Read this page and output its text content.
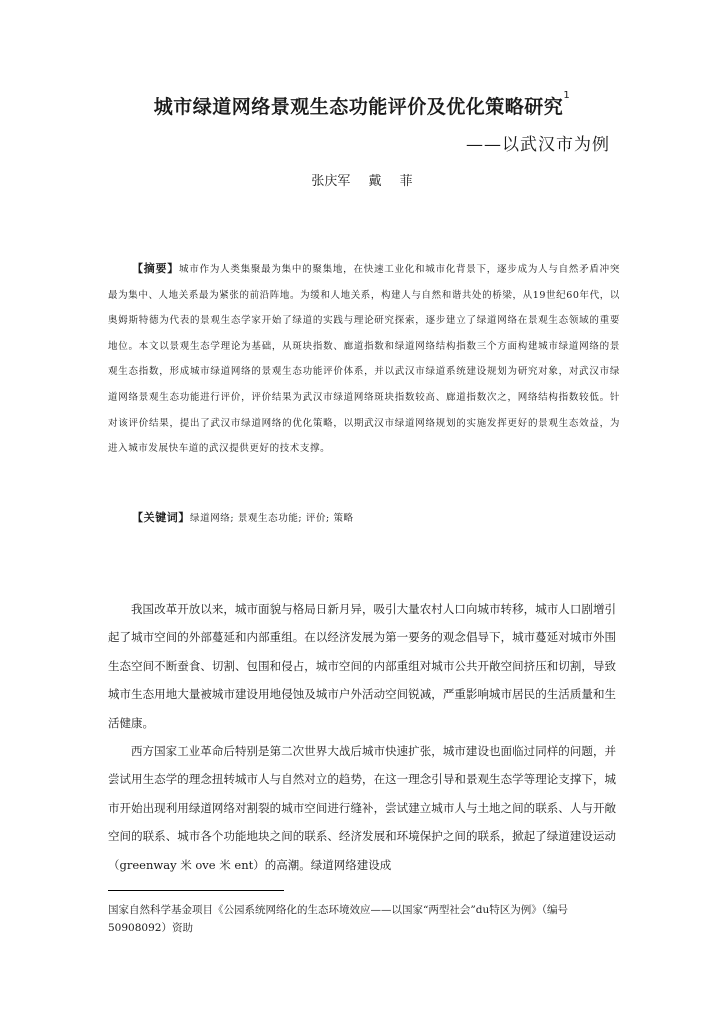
城市绿道网络景观生态功能评价及优化策略研究$^1$
——以武汉市为例
张庆军 戴 菲
【摘要】城市作为人类集聚最为集中的聚集地，在快速工业化和城市化背景下，逐步成为人与自然矛盾冲突最为集中、人地关系最为紧张的前沿阵地。为缓和人地关系，构建人与自然和谐共处的桥梁，从19世纪60年代，以奥姆斯特德为代表的景观生态学家开始了绿道的实践与理论研究探索，逐步建立了绿道网络在景观生态领域的重要地位。本文以景观生态学理论为基础，从斑块指数、廊道指数和绿道网络结构指数三个方面构建城市绿道网络的景观生态指数，形成城市绿道网络的景观生态功能评价体系，并以武汉市绿道系统建设规划为研究对象，对武汉市绿道网络景观生态功能进行评价，评价结果为武汉市绿道网络斑块指数较高、廊道指数次之，网络结构指数较低。针对该评价结果，提出了武汉市绿道网络的优化策略，以期武汉市绿道网络规划的实施发挥更好的景观生态效益，为进入城市发展快车道的武汉提供更好的技术支撑。
【关键词】绿道网络; 景观生态功能; 评价; 策略

我国改革开放以来，城市面貌与格局日新月异，吸引大量农村人口向城市转移，城市人口剧增引起了城市空间的外部蔓延和内部重组。在以经济发展为第一要务的观念倡导下，城市蔓延对城市外围生态空间不断蚕食、切割、包围和侵占，城市空间的内部重组对城市公共开敞空间挤压和切割，导致城市生态用地大量被城市建设用地侵蚀及城市户外活动空间锐减，严重影响城市居民的生活质量和生活健康。

西方国家工业革命后特别是第二次世界大战后城市快速扩张，城市建设也面临过同样的问题，并尝试用生态学的理念扭转城市人与自然对立的趋势，在这一理念引导和景观生态学等理论支撑下，城市开始出现利用绿道网络对割裂的城市空间进行缝补，尝试建立城市人与土地之间的联系、人与开敞空间的联系、城市各个功能地块之间的联系、经济发展和环境保护之间的联系，掀起了绿道建设运动（greenway 米 ove 米 ent）的高潮。绿道网络建设成

国家自然科学基金项目《公园系统网络化的生态环境效应——以国家“两型社会”du特区为例》（编号50908092）资助
